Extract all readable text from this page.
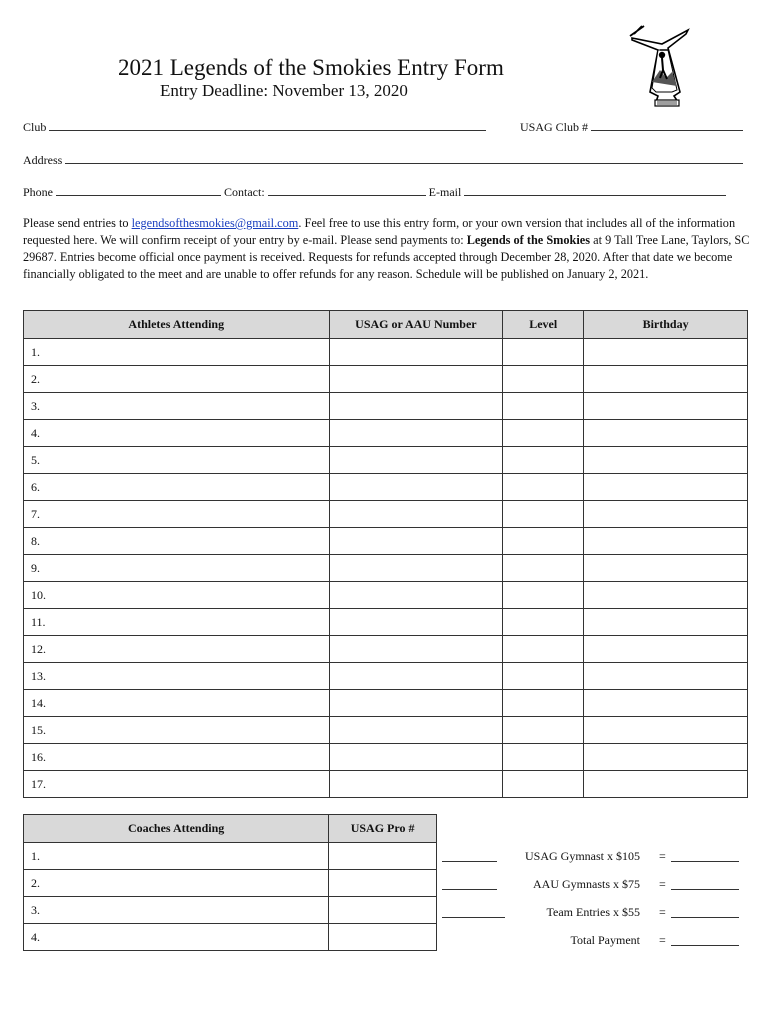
2021 Legends of the Smokies Entry Form
Entry Deadline: November 13, 2020
Club	USAG Club #
Address
Phone	Contact:	E-mail
Please send entries to legendsofthesmokies@gmail.com. Feel free to use this entry form, or your own version that includes all of the information requested here. We will confirm receipt of your entry by e-mail. Please send payments to: Legends of the Smokies at 9 Tall Tree Lane, Taylors, SC 29687. Entries become official once payment is received. Requests for refunds accepted through December 28, 2020. After that date we become financially obligated to the meet and are unable to offer refunds for any reason. Schedule will be published on January 2, 2021.
Athletes Attending	USAG or AAU Number	Level	Birthday
1.			
2.			
3.			
4.			
5.			
6.			
7.			
8.			
9.			
10.			
11.			
12.			
13.			
14.			
15.			
16.			
17.			
Coaches Attending	USAG Pro #
1.	
2.	
3.	
4.	
USAG Gymnast x $105 =
AAU Gymnasts x $75 =
Team Entries x $55 =
Total Payment =
